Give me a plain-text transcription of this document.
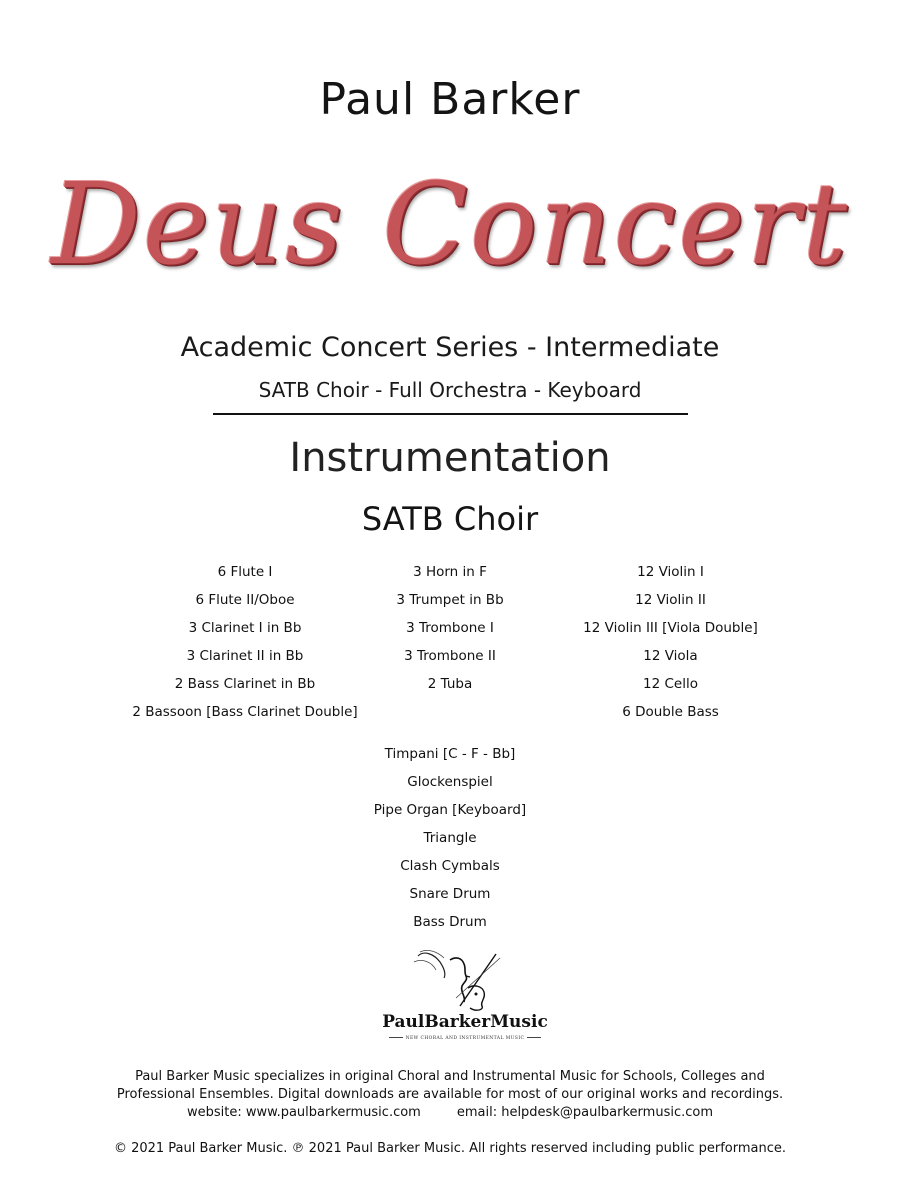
Paul Barker
Deus Concert
Academic Concert Series - Intermediate
SATB Choir - Full Orchestra - Keyboard
Instrumentation
SATB Choir
6 Flute I
6 Flute II/Oboe
3 Clarinet I in Bb
3 Clarinet II in Bb
2 Bass Clarinet in Bb
2 Bassoon [Bass Clarinet Double]
3 Horn in F
3 Trumpet in Bb
3 Trombone I
3 Trombone II
2 Tuba
12 Violin I
12 Violin II
12 Violin III [Viola Double]
12 Viola
12 Cello
6 Double Bass
Timpani [C - F - Bb]
Glockenspiel
Pipe Organ [Keyboard]
Triangle
Clash Cymbals
Snare Drum
Bass Drum
PaulBarkerMusic
NEW CHORAL AND INSTRUMENTAL MUSIC
Paul Barker Music specializes in original Choral and Instrumental Music for Schools, Colleges and
Professional Ensembles. Digital downloads are available for most of our original works and recordings.
website: www.paulbarkermusic.com	email: helpdesk@paulbarkermusic.com
© 2021 Paul Barker Music. ℗ 2021 Paul Barker Music. All rights reserved including public performance.
